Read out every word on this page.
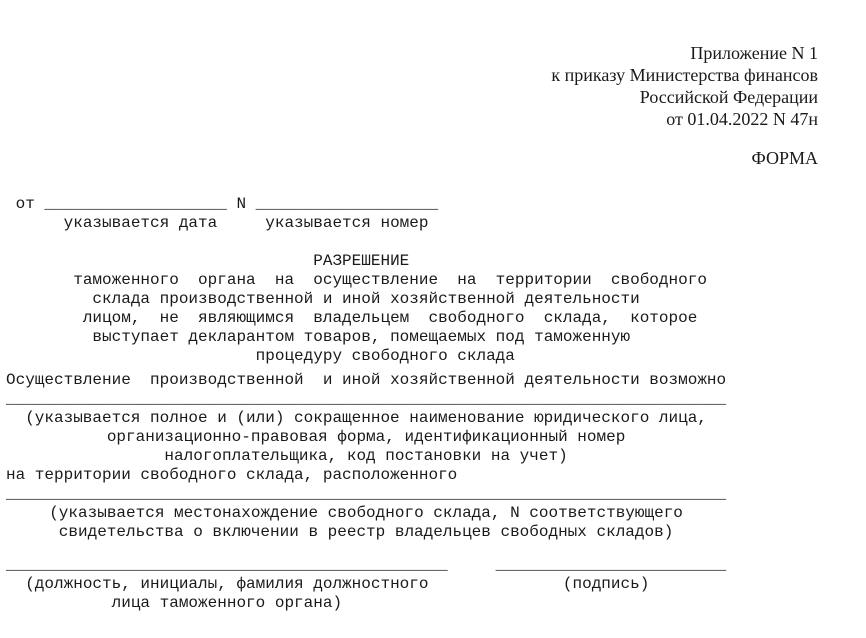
Приложение N 1
к приказу Министерства финансов
Российской Федерации
от 01.04.2022 N 47н
ФОРМА
от ___________________ N ___________________
указывается дата     указывается номер

РАЗРЕШЕНИЕ
таможенного  органа  на  осуществление  на  территории  свободного
склада производственной и иной хозяйственной деятельности
лицом,  не  являющимся  владельцем  свободного  склада,  которое
выступает декларантом товаров, помещаемых под таможенную
процедуру свободного склада
Осуществление  производственной  и иной хозяйственной деятельности возможно
___________________________________________________________________________
(указывается полное и (или) сокращенное наименование юридического лица,
организационно-правовая форма, идентификационный номер
налогоплательщика, код постановки на учет)
на территории свободного склада, расположенного
___________________________________________________________________________
(указывается местонахождение свободного склада, N соответствующего
свидетельства о включении в реестр владельцев свободных складов)
______________________________________________     ________________________
(должность, инициалы, фамилия должностного              (подпись)
лица таможенного органа)
